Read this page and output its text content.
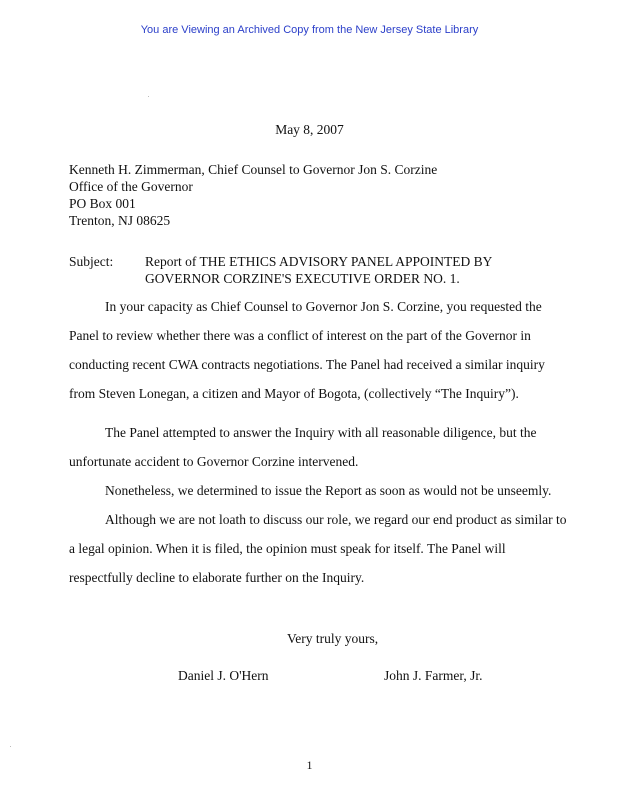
You are Viewing an Archived Copy from the New Jersey State Library
May 8, 2007
Kenneth H. Zimmerman, Chief Counsel to Governor Jon S. Corzine
Office of the Governor
PO Box 001
Trenton, NJ 08625
Subject: Report of THE ETHICS ADVISORY PANEL APPOINTED BY
GOVERNOR CORZINE'S EXECUTIVE ORDER NO. 1.
In your capacity as Chief Counsel to Governor Jon S. Corzine, you requested the
Panel to review whether there was a conflict of interest on the part of the Governor in
conducting recent CWA contracts negotiations. The Panel had received a similar inquiry
from Steven Lonegan, a citizen and Mayor of Bogota, (collectively “The Inquiry”).
The Panel attempted to answer the Inquiry with all reasonable diligence, but the
unfortunate accident to Governor Corzine intervened.
Nonetheless, we determined to issue the Report as soon as would not be unseemly.
Although we are not loath to discuss our role, we regard our end product as similar to
a legal opinion. When it is filed, the opinion must speak for itself. The Panel will
respectfully decline to elaborate further on the Inquiry.
Very truly yours,
Daniel J. O'Hern	John J. Farmer, Jr.
1
